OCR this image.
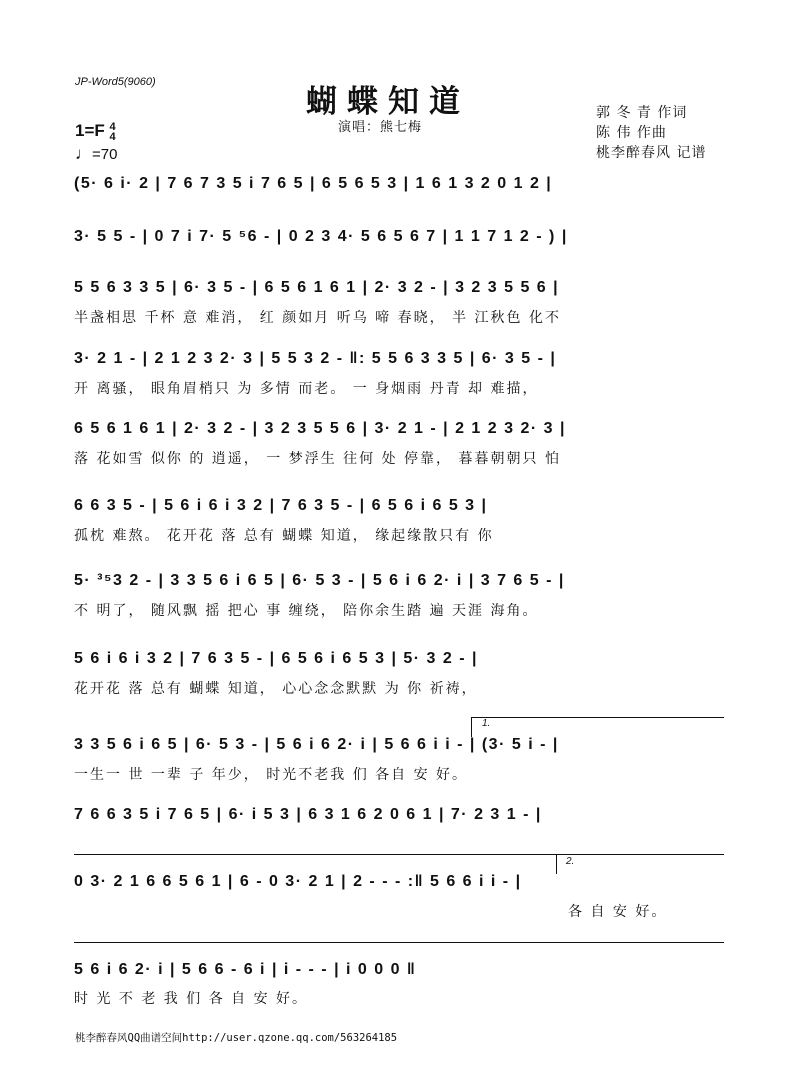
JP-Word5(9060)
蝴蝶知道
演唱：熊七梅
郭 冬 青 作词
陈 伟 作曲
桃李醉春风 记谱
1=F 4
4
♩=70
(5· 6 i· 2 | 7 6 7 3 5 i 7 6 5 | 6 5 6 5 3 | 1 6 1 3 2 0 1 2 |
3· 5 5 - | 0 7 i 7· 5 ⁵6 - | 0 2 3 4· 5 6 5 6 7 | 1 1 7 1 2 - ) |
5 5 6 3 3 5 | 6· 3 5 - | 6 5 6 1 6 1 | 2· 3 2 - | 3 2 3 5 5 6 |
半盏相思 千杯 意 难消， 红 颜如月 听乌 啼 春晓， 半 江秋色 化不
3· 2 1 - | 2 1 2 3 2· 3 | 5 5 3 2 - ‖: 5 5 6 3 3 5 | 6· 3 5 - |
开 离骚， 眼角眉梢只 为 多情 而老。 一 身烟雨 丹青 却 难描，
6 5 6 1 6 1 | 2· 3 2 - | 3 2 3 5 5 6 | 3· 2 1 - | 2 1 2 3 2· 3 |
落 花如雪 似你 的 逍遥， 一 梦浮生 往何 处 停靠， 暮暮朝朝只 怕
6 6 3 5 - | 5 6 i 6 i 3 2 | 7 6 3 5 - | 6 5 6 i 6 5 3 |
孤枕 难熬。 花开花 落 总有 蝴蝶 知道， 缘起缘散只有 你
5· ³⁵3 2 - | 3 3 5 6 i 6 5 | 6· 5 3 - | 5 6 i 6 2· i | 3 7 6 5 - |
不 明了， 随风飘 摇 把心 事 缠绕， 陪你余生踏 遍 天涯 海角。
5 6 i 6 i 3 2 | 7 6 3 5 - | 6 5 6 i 6 5 3 | 5· 3 2 - |
花开花 落 总有 蝴蝶 知道， 心心念念默默 为 你 祈祷，
1.
3 3 5 6 i 6 5 | 6· 5 3 - | 5 6 i 6 2· i | 5 6 6 i i - | (3· 5 i - |
一生一 世 一辈 子 年少， 时光不老我 们 各自 安 好。
7 6 6 3 5 i 7 6 5 | 6· i 5 3 | 6 3 1 6 2 0 6 1 | 7· 2 3 1 - |
2.
0 3· 2 1 6 6 5 6 1 | 6 - 0 3· 2 1 | 2 - - - :‖ 5 6 6 i i - |
各 自 安 好。
5 6 i 6 2· i | 5 6 6 - 6 i | i - - - | i 0 0 0 ‖
时 光 不 老 我 们 各 自 安 好。
桃李醉春风QQ曲谱空间http://user.qzone.qq.com/563264185
